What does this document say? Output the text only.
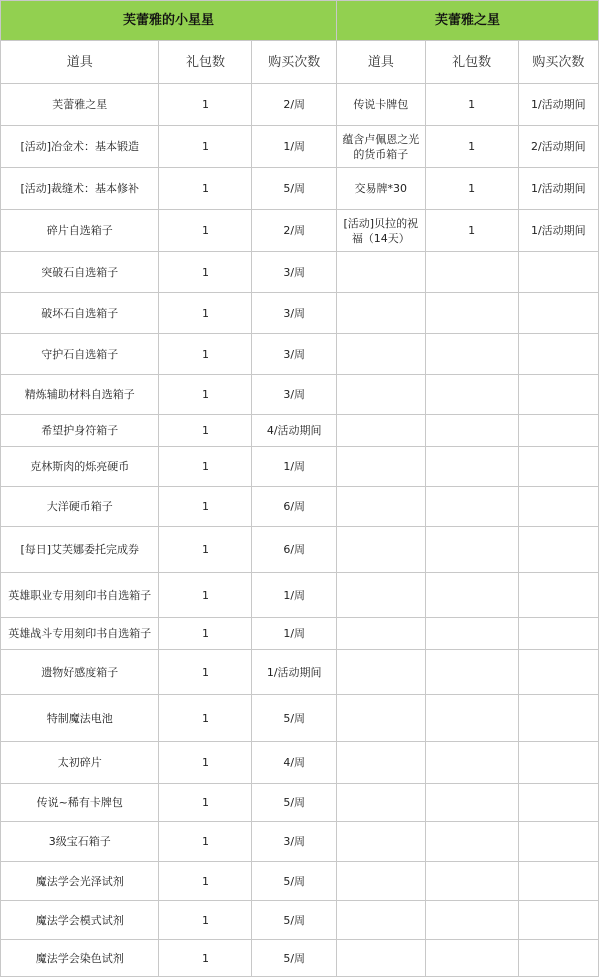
芙蕾雅的小星星			芙蕾雅之星		
道具	礼包数	购买次数	道具	礼包数	购买次数
芙蕾雅之星	1	2/周	传说卡牌包	1	1/活动期间
[活动]冶金术：基本锻造	1	1/周	蕴含卢佩恩之光的货币箱子	1	2/活动期间
[活动]裁缝术：基本修补	1	5/周	交易牌*30	1	1/活动期间
碎片自选箱子	1	2/周	[活动]贝拉的祝福（14天）	1	1/活动期间
突破石自选箱子	1	3/周			
破坏石自选箱子	1	3/周			
守护石自选箱子	1	3/周			
精炼辅助材料自选箱子	1	3/周			
希望护身符箱子	1	4/活动期间			
克林斯肉的烁亮硬币	1	1/周			
大洋硬币箱子	1	6/周			
[每日]艾芙娜委托完成券	1	6/周			
英雄职业专用刻印书自选箱子	1	1/周			
英雄战斗专用刻印书自选箱子	1	1/周			
遗物好感度箱子	1	1/活动期间			
特制魔法电池	1	5/周			
太初碎片	1	4/周			
传说~稀有卡牌包	1	5/周			
3级宝石箱子	1	3/周			
魔法学会光泽试剂	1	5/周			
魔法学会模式试剂	1	5/周			
魔法学会染色试剂	1	5/周			
